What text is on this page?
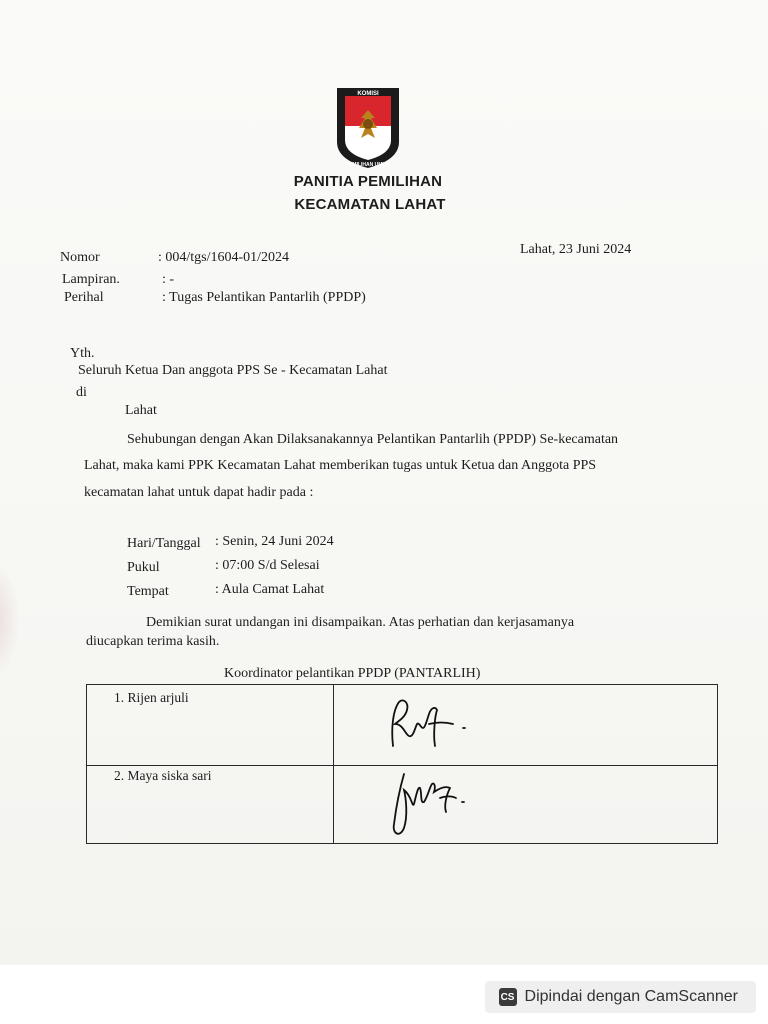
KOMISI
PEMILIHAN UMUM
PANITIA PEMILIHAN
KECAMATAN LAHAT
Nomor	: 004/tgs/1604-01/2024
Lampiran.	: -
Perihal	: Tugas Pelantikan Pantarlih (PPDP)
Lahat, 23 Juni 2024
Yth.
Seluruh Ketua Dan anggota PPS Se - Kecamatan Lahat
di
Lahat
Sehubungan dengan Akan Dilaksanakannya Pelantikan Pantarlih (PPDP) Se-kecamatan
Lahat, maka kami PPK Kecamatan Lahat memberikan tugas untuk Ketua dan Anggota PPS
kecamatan lahat untuk dapat hadir pada :
Hari/Tanggal : Senin, 24 Juni 2024
Pukul	: 07:00 S/d Selesai
Tempat	: Aula Camat Lahat
Demikian surat undangan ini disampaikan. Atas perhatian dan kerjasamanya
diucapkan terima kasih.
Koordinator pelantikan PPDP (PANTARLIH)
1. Rijen arjuli
2. Maya siska sari
CS Dipindai dengan CamScanner
